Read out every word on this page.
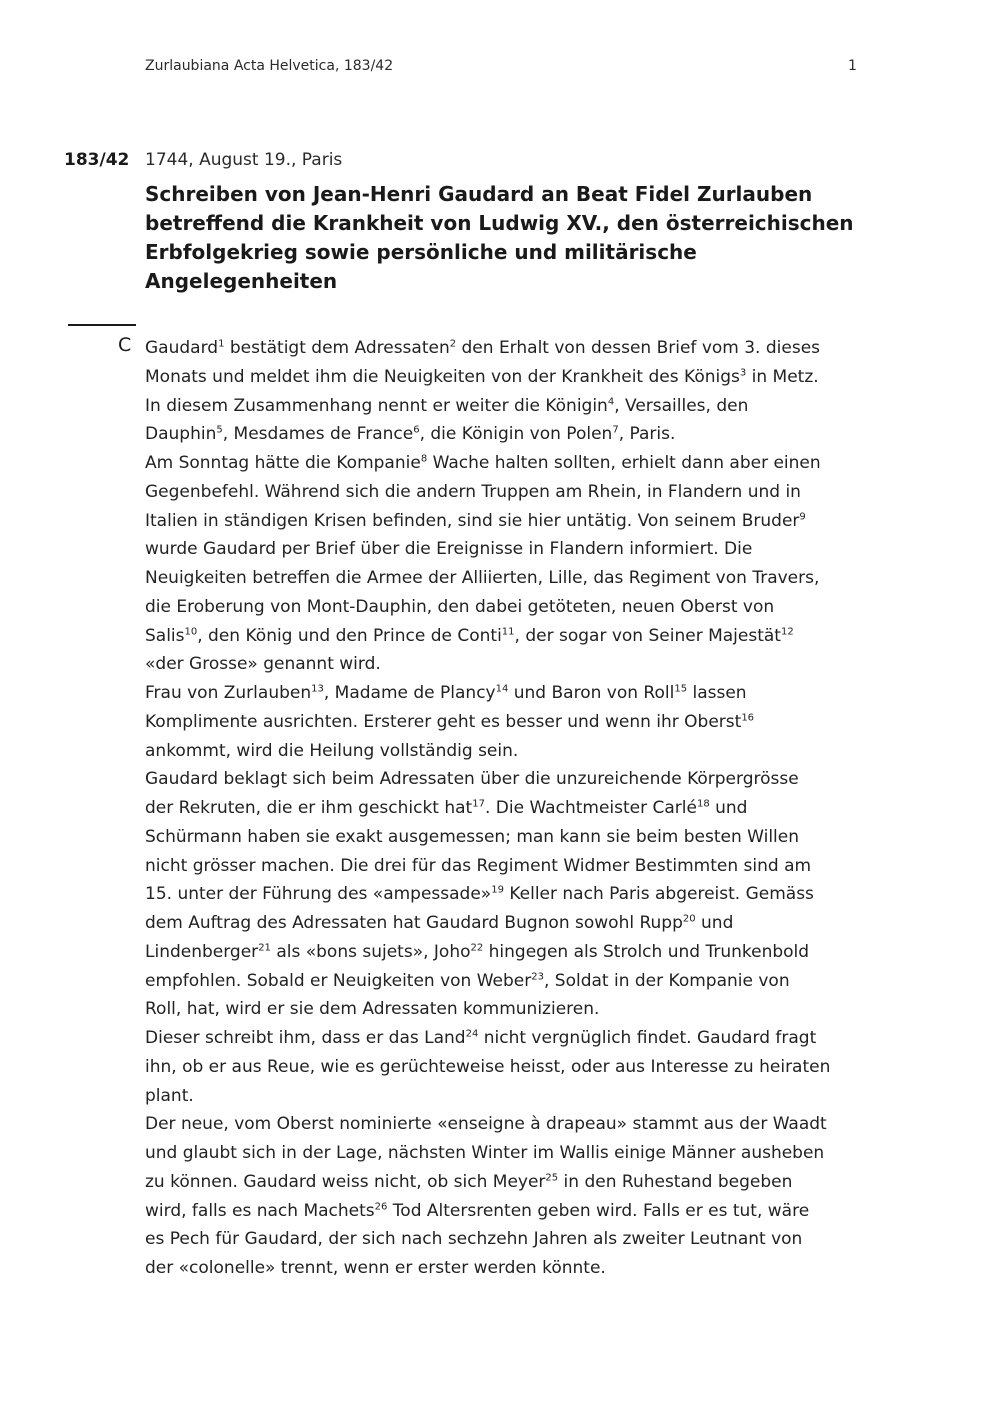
Zurlaubiana Acta Helvetica, 183/42	1
183/42 1744, August 19., Paris
Schreiben von Jean-Henri Gaudard an Beat Fidel Zurlauben
betreffend die Krankheit von Ludwig XV., den österreichischen
Erbfolgekrieg sowie persönliche und militärische
Angelegenheiten
C Gaudard$^1$ bestätigt dem Adressaten$^2$ den Erhalt von dessen Brief vom 3. dieses
Monats und meldet ihm die Neuigkeiten von der Krankheit des Königs$^3$ in Metz.
In diesem Zusammenhang nennt er weiter die Königin$^4$, Versailles, den
Dauphin$^5$, Mesdames de France$^6$, die Königin von Polen$^7$, Paris.
Am Sonntag hätte die Kompanie$^8$ Wache halten sollten, erhielt dann aber einen
Gegenbefehl. Während sich die andern Truppen am Rhein, in Flandern und in
Italien in ständigen Krisen befinden, sind sie hier untätig. Von seinem Bruder$^9$
wurde Gaudard per Brief über die Ereignisse in Flandern informiert. Die
Neuigkeiten betreffen die Armee der Alliierten, Lille, das Regiment von Travers,
die Eroberung von Mont-Dauphin, den dabei getöteten, neuen Oberst von
Salis$^{10}$, den König und den Prince de Conti$^{11}$, der sogar von Seiner Majestät$^{12}$
«der Grosse» genannt wird.
Frau von Zurlauben$^{13}$, Madame de Plancy$^{14}$ und Baron von Roll$^{15}$ lassen
Komplimente ausrichten. Ersterer geht es besser und wenn ihr Oberst$^{16}$
ankommt, wird die Heilung vollständig sein.
Gaudard beklagt sich beim Adressaten über die unzureichende Körpergrösse
der Rekruten, die er ihm geschickt hat$^{17}$. Die Wachtmeister Carlé$^{18}$ und
Schürmann haben sie exakt ausgemessen; man kann sie beim besten Willen
nicht grösser machen. Die drei für das Regiment Widmer Bestimmten sind am
15. unter der Führung des «ampessade»$^{19}$ Keller nach Paris abgereist. Gemäss
dem Auftrag des Adressaten hat Gaudard Bugnon sowohl Rupp$^{20}$ und
Lindenberger$^{21}$ als «bons sujets», Joho$^{22}$ hingegen als Strolch und Trunkenbold
empfohlen. Sobald er Neuigkeiten von Weber$^{23}$, Soldat in der Kompanie von
Roll, hat, wird er sie dem Adressaten kommunizieren.
Dieser schreibt ihm, dass er das Land$^{24}$ nicht vergnüglich findet. Gaudard fragt
ihn, ob er aus Reue, wie es gerüchteweise heisst, oder aus Interesse zu heiraten
plant.
Der neue, vom Oberst nominierte «enseigne à drapeau» stammt aus der Waadt
und glaubt sich in der Lage, nächsten Winter im Wallis einige Männer ausheben
zu können. Gaudard weiss nicht, ob sich Meyer$^{25}$ in den Ruhestand begeben
wird, falls es nach Machets$^{26}$ Tod Altersrenten geben wird. Falls er es tut, wäre
es Pech für Gaudard, der sich nach sechzehn Jahren als zweiter Leutnant von
der «colonelle» trennt, wenn er erster werden könnte.
